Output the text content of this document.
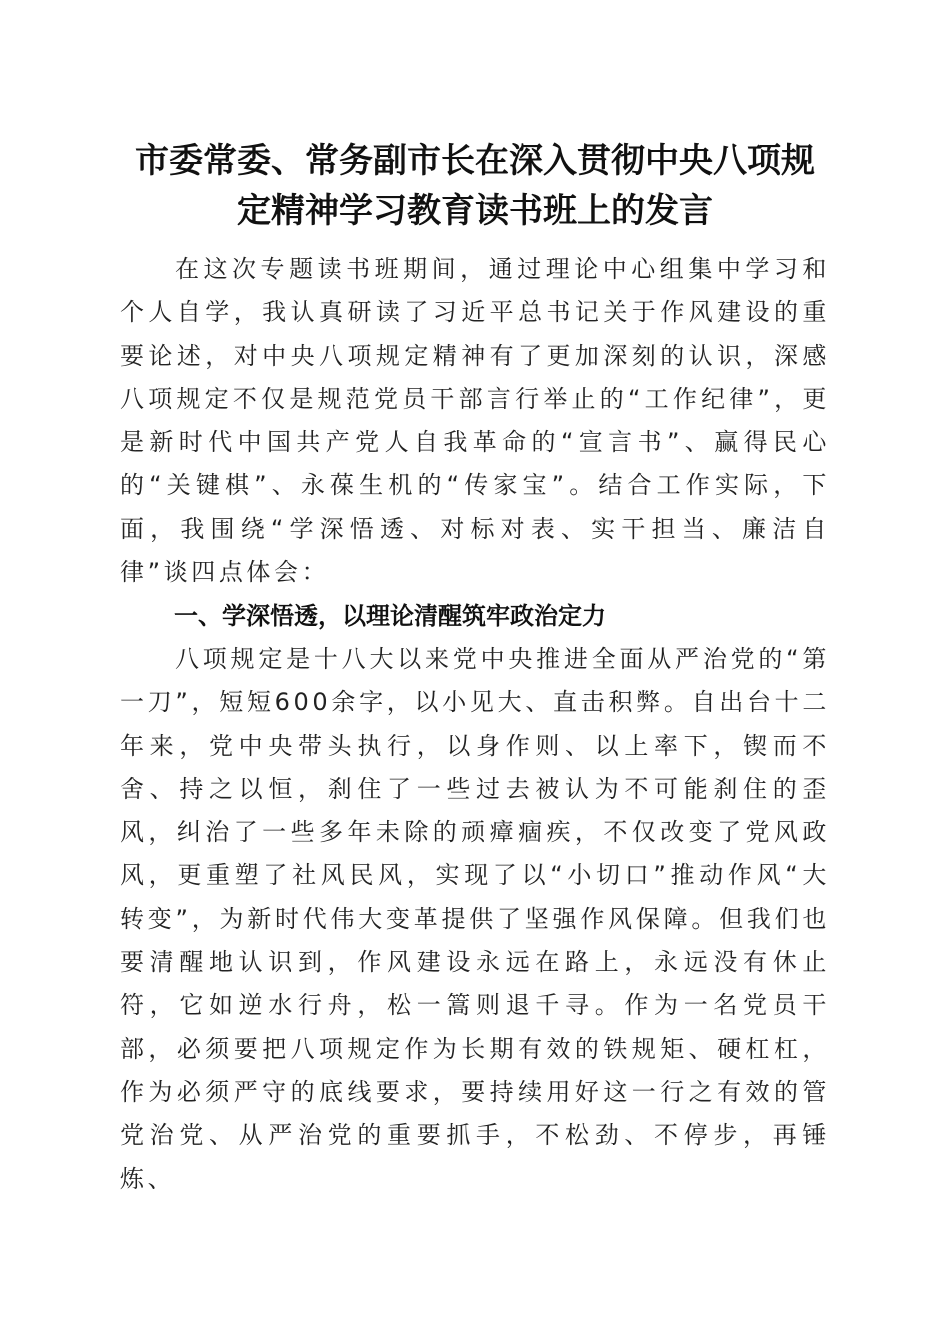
市委常委、常务副市长在深入贯彻中央八项规
定精神学习教育读书班上的发言

在这次专题读书班期间，通过理论中心组集中学习和个人自学，我认真研读了习近平总书记关于作风建设的重要论述，对中央八项规定精神有了更加深刻的认识，深感八项规定不仅是规范党员干部言行举止的“工作纪律”，更是新时代中国共产党人自我革命的“宣言书”、赢得民心的“关键棋”、永葆生机的“传家宝”。结合工作实际，下面，我围绕“学深悟透、对标对表、实干担当、廉洁自律”谈四点体会：

一、学深悟透，以理论清醒筑牢政治定力

八项规定是十八大以来党中央推进全面从严治党的“第一刀”，短短600余字，以小见大、直击积弊。自出台十二年来，党中央带头执行，以身作则、以上率下，锲而不舍、持之以恒，刹住了一些过去被认为不可能刹住的歪风，纠治了一些多年未除的顽瘴痼疾，不仅改变了党风政风，更重塑了社风民风，实现了以“小切口”推动作风“大转变”，为新时代伟大变革提供了坚强作风保障。但我们也要清醒地认识到，作风建设永远在路上，永远没有休止符，它如逆水行舟，松一篙则退千寻。作为一名党员干部，必须要把八项规定作为长期有效的铁规矩、硬杠杠，作为必须严守的底线要求，要持续用好这一行之有效的管党治党、从严治党的重要抓手，不松劲、不停步，再锤炼、
